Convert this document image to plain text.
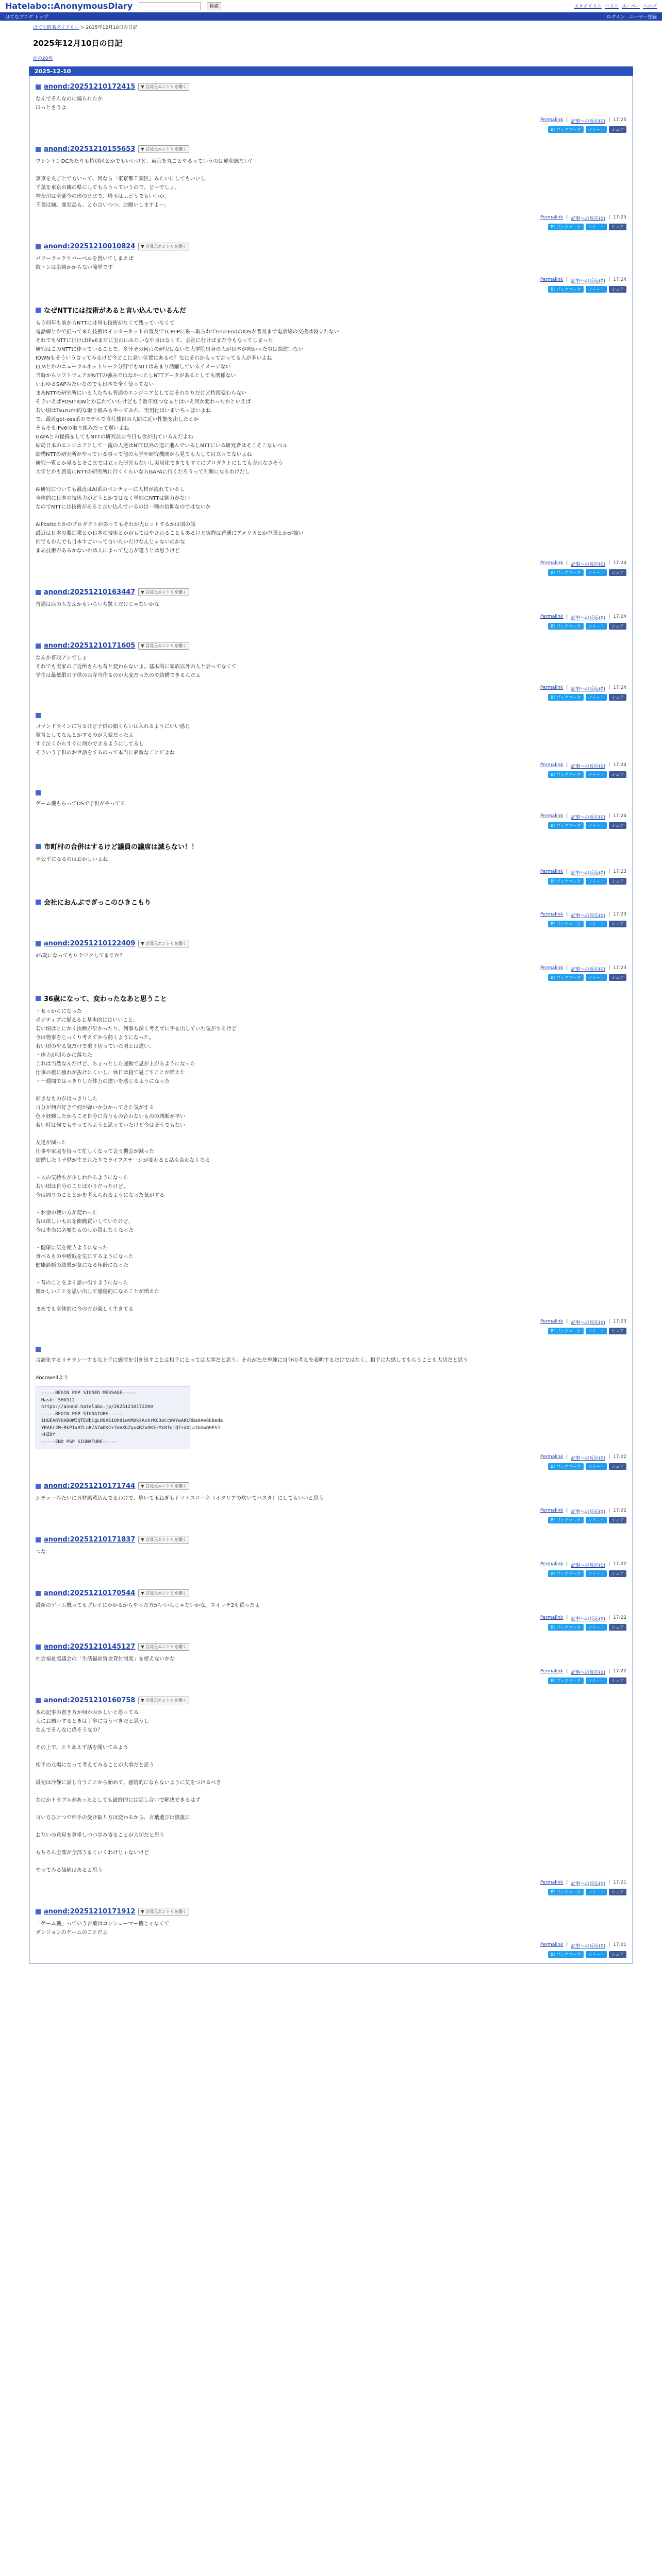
Hatelabo::AnonymousDiary	検索	スタイリスト コスト スーパー ヘルプ
はてなブログ トップ	ログイン ユーザー登録
はてな匿名ダイアリー > 2025年12月10日の日記
2025年12月10日の日記
前の20件
2025-12-10
anond:20251210172415	▼ 言及元エントリを開く

なんでそんなのに煽られたか
ほっとさうよ

Permalink | 記事への反応(0) | 17:25
B! ブックマーク	ツイート	シェア
anond:20251210155653	▼ 言及元エントリを開く

ワシントンDCあたりも特別区とかでもいいけど、東京を丸ごとやるっていうのは違和感ない？

東京を丸ごとでもいって、何なら「東京都千葉区」みたいにしてもいいし
千葉を東京の隣の県にしてもらうっていうので、どーでしょ。
神奈川は全部今の形のままで、埼玉は…どうでもいいか。
千葉は嫌。鹿児島も。とか言いつつ、お願いしますよー。

Permalink | 記事への反応(0) | 17:25
B! ブックマーク	ツイート	シェア
anond:20251210010824	▼ 言及元エントリを開く

パワーラックとバーベルを置いてしまえば
数トンは余裕かからない簡単です

Permalink | 記事への反応(0) | 17:24
B! ブックマーク	ツイート	シェア
なぜNTTには技術があると言い込んでいるんだ

もう何年も前からNTTには何も技術がなくて残っていなくて
電話線とかで担って来た技術はインターネットの普及でTCP/IPに乗っ取られてEnd-EndのIDSが普及まで電話線の交換は役立たない
それでもNTTに行けばIPv6まだに宝の山みたいな中身はなくて、会社に行けばまだ今もなってしまった
研究はこのNTTに作っていることで、多分その何百の研究はないな大学院出身の人が日本が向かった事は間違いない
IOWNもそういう言ってみるけど今どこに高い位置にあるの？なにそれかもって言ってる人が多いよね
LLMとかのニューラルネットワーク分野でもNTTはあまり活躍しているイメージない
当時からソフトウェアがNTTの強みではなかったしNTTデータがあるとしても関係ない
いわゆるSAPみたいなのでも日本で全く使ってない
まあNTTの研究所にいる人たちも普通のエンジニアとしてはそれなりだけど特段変わらない
そういえばPOSITIONとか忘れていたけどもう数年経つなぁとはいえ何か変わったかといえば
若い頃はTsuzumi的な取り組みもやってみた、実用化はいまいちっぽいよね
で、最近gpt-oss系のモデルで自社独自の人間に近い性能を出したとか
そもそもIPv6の取り組みだって遅いよね
GAFAとの提携をしてもNTTの研究員に今日も金が出ているんだよね
結局日本のエンジニアとして一流の人達はNTT以外の道に進んでいるしNTTにいる研究者はそこそこなレベル
結構NTTの研究所がやっている事って他の大学や研究機関から見ても大して目立ってないよね
研究一覧とか見るとそこまで目立った研究もないし実用化できてもすぐにプロダクトにしても売れなさそう
大学とかも普通にNTTの研究所に行くくらいならGAFAに行くだろうって判断になるわけだし

AI研究についても最近はAI系のベンチャーに人材が流れているし
全体的に日本の技術力がどうとかではなく単純にNTTは魅力がない
なのでNTTには技術があると言い込んでいるのは一種の信仰なのではないか

AIPosttoとかのプロダクトがあってもそれが大ヒットするかは別の話
最近は日本の製造業とか日本の技術とかがもてはやされることもあるけど実際は普通にアメリカとか中国とかが強い
何でもかんでも日本すごいって言いたいだけなんじゃないのかな
まあ技術があるかないかは人によって見方が違うとは思うけど

Permalink | 記事への反応(0) | 17:24
B! ブックマーク	ツイート	シェア
anond:20251210163447	▼ 言及元エントリを開く

普通は店の人なんかもいちいち驚くだけじゃないかな

Permalink | 記事への反応(0) | 17:24
B! ブックマーク	ツイート	シェア
anond:20251210171605	▼ 言及元エントリを開く

なんか普段ナシでしょ
それでも実家のご近所さんも昔と変わらないよ。基本的に家族以外の人と会ってなくて
学生は最低限の子供のお弁当作るのが大変だったので結構できるんだよ

Permalink | 記事への反応(0) | 17:24
B! ブックマーク	ツイート	シェア

コマンドラインに写るけど子供の顔くらいは入れるようにいい感じ
教育としてなんとかするのが大変だったよ
すぐ泣くからすぐに何かできるようにしてるし
そういう子供のお世話をするのって本当に素敵なことだよね

Permalink | 記事への反応(0) | 17:24
B! ブックマーク	ツイート	シェア

ゲーム機もらってDSで子供がやってる

Permalink | 記事への反応(0) | 17:24
B! ブックマーク	ツイート	シェア
市町村の合併はするけど議員の議席は減らない！！

不公平になるのはおかしいよね

Permalink | 記事への反応(0) | 17:23
B! ブックマーク	ツイート	シェア
会社におんぶでぎっこのひきこもり
Permalink | 記事への反応(0) | 17:23
B! ブックマーク	ツイート	シェア
anond:20251210122409	▼ 言及元エントリを開く

45歳になってもワクワクしてますか？

Permalink | 記事への反応(0) | 17:23
B! ブックマーク	ツイート	シェア
36歳になって、変わったなあと思うこと

・せっかちになった
ポジティブに捉えると基本的にはいいこと。
若い頃はとにかく決断が早かったり、何事も深く考えずに手を出していた気がするけど
今は物事をじっくり考えてから動くようになった。
若い頃のやる気だけで乗り切っていた頃とは違い、
・体力が明らかに落ちた
これは当然なんだけど、ちょっとした運動で息が上がるようになった
仕事の後に疲れが抜けにくいし、休日は寝て過ごすことが増えた
・一週間ではっきりした体力の違いを感じるようになった

好きなものがはっきりした
自分が何が好きで何が嫌いか分かってきた気がする
色々経験したからこそ自分に合うもの合わないものの判断が早い
若い時は何でもやってみようと思っていたけど今はそうでもない

友達が減った
仕事や家庭を持って忙しくなって会う機会が減った
結婚したり子供が生まれたりでライフステージが変わると話も合わなくなる

・人の気持ちが少しわかるようになった
若い頃は自分のことばかりだったけど、
今は周りのこととかを考えられるようになった気がする

・お金の使い方が変わった
昔は欲しいものを衝動買いしていたけど、
今は本当に必要なものしか買わなくなった

・健康に気を使うようになった
食べるものや睡眠を気にするようになった
健康診断の結果が気になる年齢になった

・昔のことをよく思い出すようになった
懐かしいことを思い出して感傷的になることが増えた

まあでも全体的に今の方が楽しく生きてる

Permalink | 記事への反応(0) | 17:23
B! ブックマーク	ツイート	シェア

言語化するリテラシーするな上手に感情を引き出すことは相手にとっては大事だと思う。それがただ単純に自分の考えを表明するだけではなく、相手に共感してもらうことも大切だと思う

docowellより

-----BEGIN PGP SIGNED MESSAGE-----
Hash: SHA512
https://anond.hatelabo.jp/20251210172200
-----BEGIN PGP SIGNATURE-----
iHUEARYKAB0WIQTEdbCgLH9XS1OH8iwVM0ksAxkrKG3oCcWVYwAKCRBa0Ae8Dbeda
YRAEr2M+RkP1xH7LnR/AZmOK2+7mVXbZqx4BZxOKX+Mk8fqiQ7+dXjaJbUwQHESJ
=HZ9Y
-----END PGP SIGNATURE-----
Permalink | 記事への反応(0) | 17:22
B! ブックマーク	ツイート	シェア
anond:20251210171744	▼ 言及元エントリを開く

シチューみたいに具材感煮込んでるわけで、焼いて玉ねぎもトマトスローネ（イタリアの炊いてパスタ）にしてもいいと思う

Permalink | 記事への反応(0) | 17:22
B! ブックマーク	ツイート	シェア
anond:20251210171837	▼ 言及元エントリを開く

つな

Permalink | 記事への反応(0) | 17:22
B! ブックマーク	ツイート	シェア
anond:20251210170544	▼ 言及元エントリを開く

最新のゲーム機ってもプレイにかかるからやった方がいいんじゃないかな。スイッチ2も買ったよ

Permalink | 記事への反応(0) | 17:22
B! ブックマーク	ツイート	シェア
anond:20251210145127	▼ 言及元エントリを開く

社会福祉協議会の「生活福祉資金貸付制度」を使えないかな

Permalink | 記事への反応(0) | 17:22
B! ブックマーク	ツイート	シェア
anond:20251210160758	▼ 言及元エントリを開く

本の記事の書き方が何かおかしいと思ってる
人にお願いするときは丁寧に言うべきだと思うし
なんでそんなに偉そうなの？

その上で、とりあえず話を聞いてみよう

相手の立場になって考えてみることが大事だと思う

最初は冷静に話し合うことから始めて、感情的にならないように気をつけるべき

なにかトラブルがあったとしても最終的には話し合いで解決できるはず

言い方ひとつで相手の受け取り方は変わるから、言葉選びは慎重に

お互いの意見を尊重しつつ歩み寄ることが大切だと思う

もちろん全部が全部うまくいくわけじゃないけど

やってみる価値はあると思う

Permalink | 記事への反応(0) | 17:21
B! ブックマーク	ツイート	シェア
anond:20251210171912	▼ 言及元エントリを開く

「ゲーム機」っていう言葉はコンシューマー機じゃなくて
ダンジョンのゲームのことだよ

Permalink | 記事への反応(0) | 17:21
B! ブックマーク	ツイート	シェア
